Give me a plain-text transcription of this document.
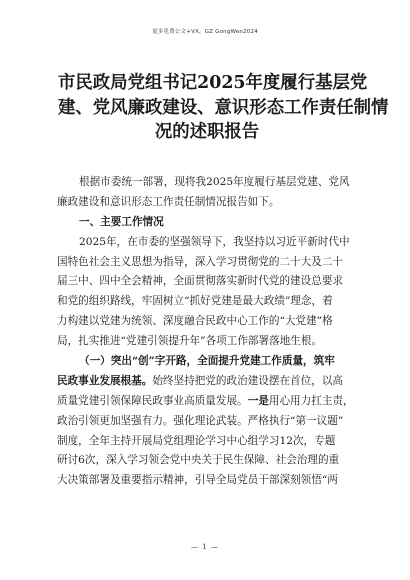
更多免费公文+VX，GZ GongWen2024
市民政局党组书记2025年度履行基层党
建、党风廉政建设、意识形态工作责任制情
况的述职报告
根据市委统一部署，现将我2025年度履行基层党建、党风
廉政建设和意识形态工作责任制情况报告如下。
一、主要工作情况
2025年，在市委的坚强领导下，我坚持以习近平新时代中
国特色社会主义思想为指导，深入学习贯彻党的二十大及二十
届三中、四中全会精神，全面贯彻落实新时代党的建设总要求
和党的组织路线，牢固树立“抓好党建是最大政绩”理念，着
力构建以党建为统领、深度融合民政中心工作的“大党建”格
局，扎实推进“党建引领提升年”各项工作部署落地生根。
（一）突出“创”字开路，全面提升党建工作质量，筑牢
民政事业发展根基。始终坚持把党的政治建设摆在首位，以高
质量党建引领保障民政事业高质量发展。一是用心用力扛主责，
政治引领更加坚强有力。强化理论武装。严格执行“第一议题”
制度，全年主持开展局党组理论学习中心组学习12次，专题
研讨6次，深入学习领会党中央关于民生保障、社会治理的重
大决策部署及重要指示精神，引导全局党员干部深刻领悟“两
— 1 —
